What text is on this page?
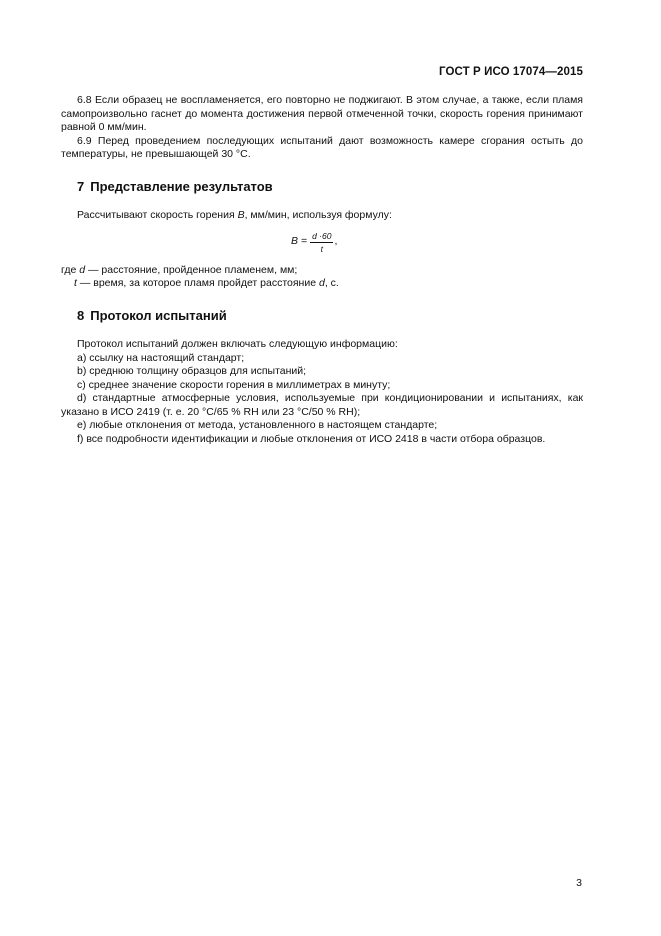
ГОСТ Р ИСО 17074—2015

6.8 Если образец не воспламеняется, его повторно не поджигают. В этом случае, а также, если пламя самопроизвольно гаснет до момента достижения первой отмеченной точки, скорость горения принимают равной 0 мм/мин.

6.9 Перед проведением последующих испытаний дают возможность камере сгорания остыть до температуры, не превышающей 30 °C.

7 Представление результатов

Рассчитывают скорость горения B, мм/мин, используя формулу:

$B = \frac{d \cdot 60}{t}$ ,

где d — расстояние, пройденное пламенем, мм;

t — время, за которое пламя пройдет расстояние d, с.

8 Протокол испытаний

Протокол испытаний должен включать следующую информацию:

a) ссылку на настоящий стандарт;

b) среднюю толщину образцов для испытаний;

c) среднее значение скорости горения в миллиметрах в минуту;

d) стандартные атмосферные условия, используемые при кондиционировании и испытаниях, как указано в ИСО 2419 (т. е. 20 °C/65 % RH или 23 °C/50 % RH);

e) любые отклонения от метода, установленного в настоящем стандарте;

f) все подробности идентификации и любые отклонения от ИСО 2418 в части отбора образцов.

3
